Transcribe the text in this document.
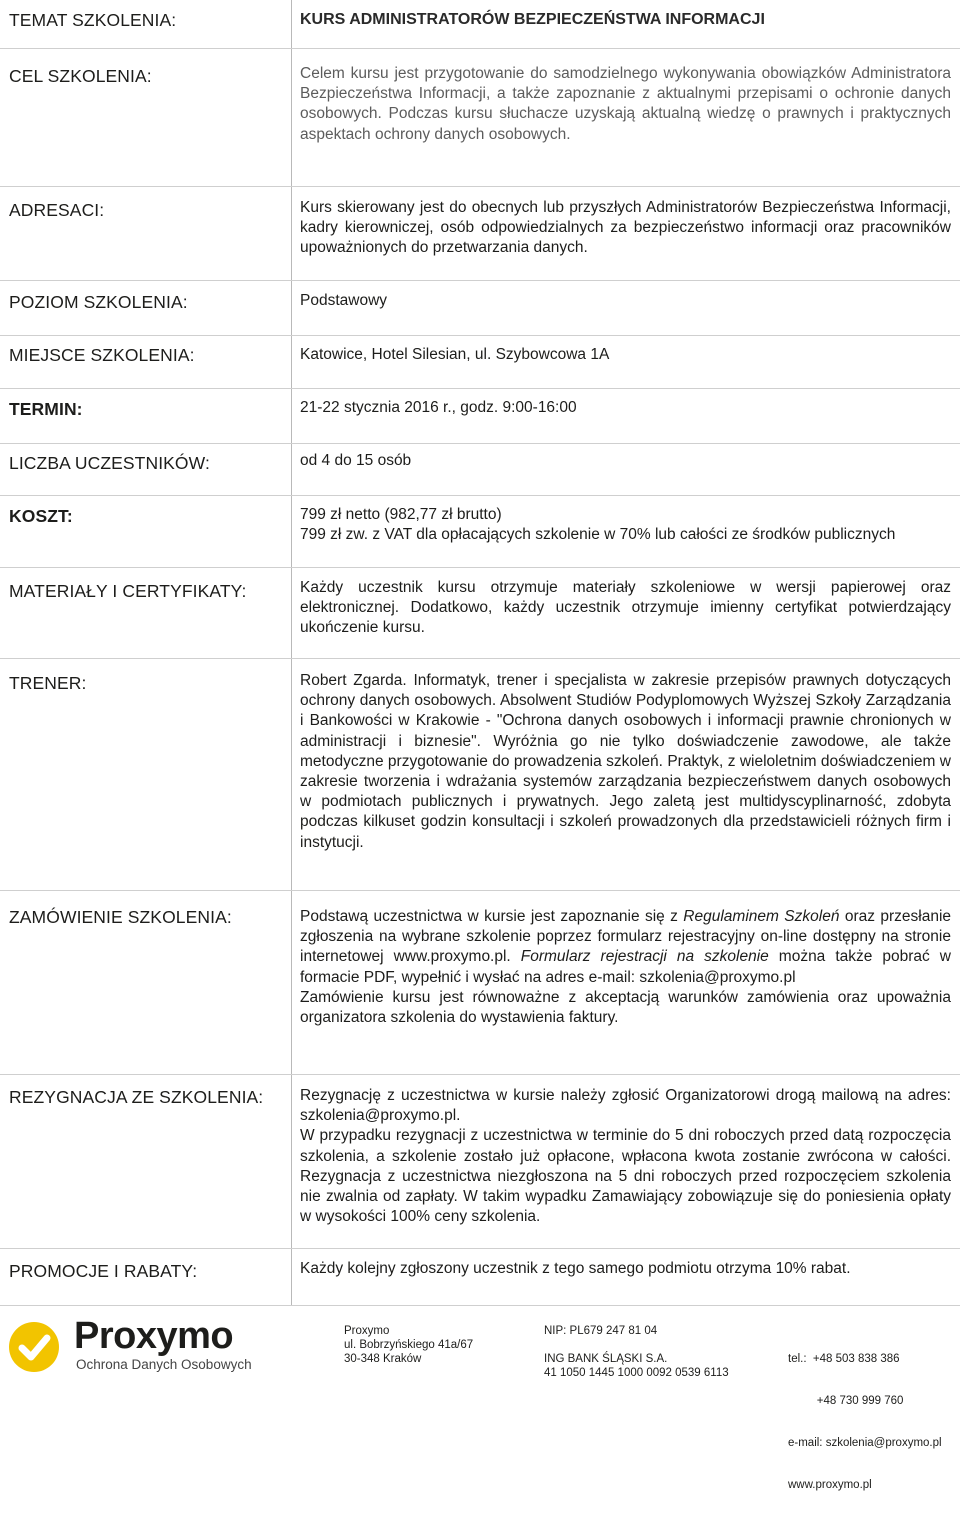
TEMAT SZKOLENIA:	KURS ADMINISTRATORÓW BEZPIECZEŃSTWA INFORMACJI
CEL SZKOLENIA:	Celem kursu jest przygotowanie do samodzielnego wykonywania obowiązków Administratora Bezpieczeństwa Informacji, a także zapoznanie z aktualnymi przepisami o ochronie danych osobowych. Podczas kursu słuchacze uzyskają aktualną wiedzę o prawnych i praktycznych aspektach ochrony danych osobowych.
ADRESACI:	Kurs skierowany jest do obecnych lub przyszłych Administratorów Bezpieczeństwa Informacji, kadry kierowniczej, osób odpowiedzialnych za bezpieczeństwo informacji oraz pracowników upoważnionych do przetwarzania danych.
POZIOM SZKOLENIA:	Podstawowy
MIEJSCE SZKOLENIA:	Katowice, Hotel Silesian, ul. Szybowcowa 1A
TERMIN:	21-22 stycznia 2016 r., godz. 9:00-16:00
LICZBA UCZESTNIKÓW:	od 4 do 15 osób
KOSZT:	799 zł netto (982,77 zł brutto)

799 zł zw. z VAT dla opłacających szkolenie w 70% lub całości ze środków publicznych

MATERIAŁY I CERTYFIKATY:	Każdy uczestnik kursu otrzymuje materiały szkoleniowe w wersji papierowej oraz elektronicznej. Dodatkowo, każdy uczestnik otrzymuje imienny certyfikat potwierdzający ukończenie kursu.
TRENER:	Robert Zgarda. Informatyk, trener i specjalista w zakresie przepisów prawnych dotyczących ochrony danych osobowych. Absolwent Studiów Podyplomowych Wyższej Szkoły Zarządzania i Bankowości w Krakowie - "Ochrona danych osobowych i informacji prawnie chronionych w administracji i biznesie". Wyróżnia go nie tylko doświadczenie zawodowe, ale także metodyczne przygotowanie do prowadzenia szkoleń. Praktyk, z wieloletnim doświadczeniem w zakresie tworzenia i wdrażania systemów zarządzania bezpieczeństwem danych osobowych w podmiotach publicznych i prywatnych. Jego zaletą jest multidyscyplinarność, zdobyta podczas kilkuset godzin konsultacji i szkoleń prowadzonych dla przedstawicieli różnych firm i instytucji.
ZAMÓWIENIE SZKOLENIA:	Podstawą uczestnictwa w kursie jest zapoznanie się z Regulaminem Szkoleń oraz przesłanie zgłoszenia na wybrane szkolenie poprzez formularz rejestracyjny on-line dostępny na stronie internetowej www.proxymo.pl. Formularz rejestracji na szkolenie można także pobrać w formacie PDF, wypełnić i wysłać na adres e-mail: szkolenia@proxymo.pl

Zamówienie kursu jest równoważne z akceptacją warunków zamówienia oraz upoważnia organizatora szkolenia do wystawienia faktury.

REZYGNACJA ZE SZKOLENIA: Rezygnację z uczestnictwa w kursie należy zgłosić Organizatorowi drogą mailową na adres: szkolenia@proxymo.pl.

W przypadku rezygnacji z uczestnictwa w terminie do 5 dni roboczych przed datą rozpoczęcia szkolenia, a szkolenie zostało już opłacone, wpłacona kwota zostanie zwrócona w całości. Rezygnacja z uczestnictwa niezgłoszona na 5 dni roboczych przed rozpoczęciem szkolenia nie zwalnia od zapłaty. W takim wypadku Zamawiający zobowiązuje się do poniesienia opłaty w wysokości 100% ceny szkolenia.

PROMOCJE I RABATY:	Każdy kolejny zgłoszony uczestnik z tego samego podmiotu otrzyma 10% rabat.
Proxymo
Ochrona Danych Osobowych
Proxymo
ul. Bobrzyńskiego 41a/67
30-348 Kraków
NIP: PL679 247 81 04
ING BANK ŚLĄSKI S.A.
41 1050 1445 1000 0092 0539 6113

tel.:  +48 503 838 386

+48 730 999 760

e-mail: szkolenia@proxymo.pl

www.proxymo.pl
